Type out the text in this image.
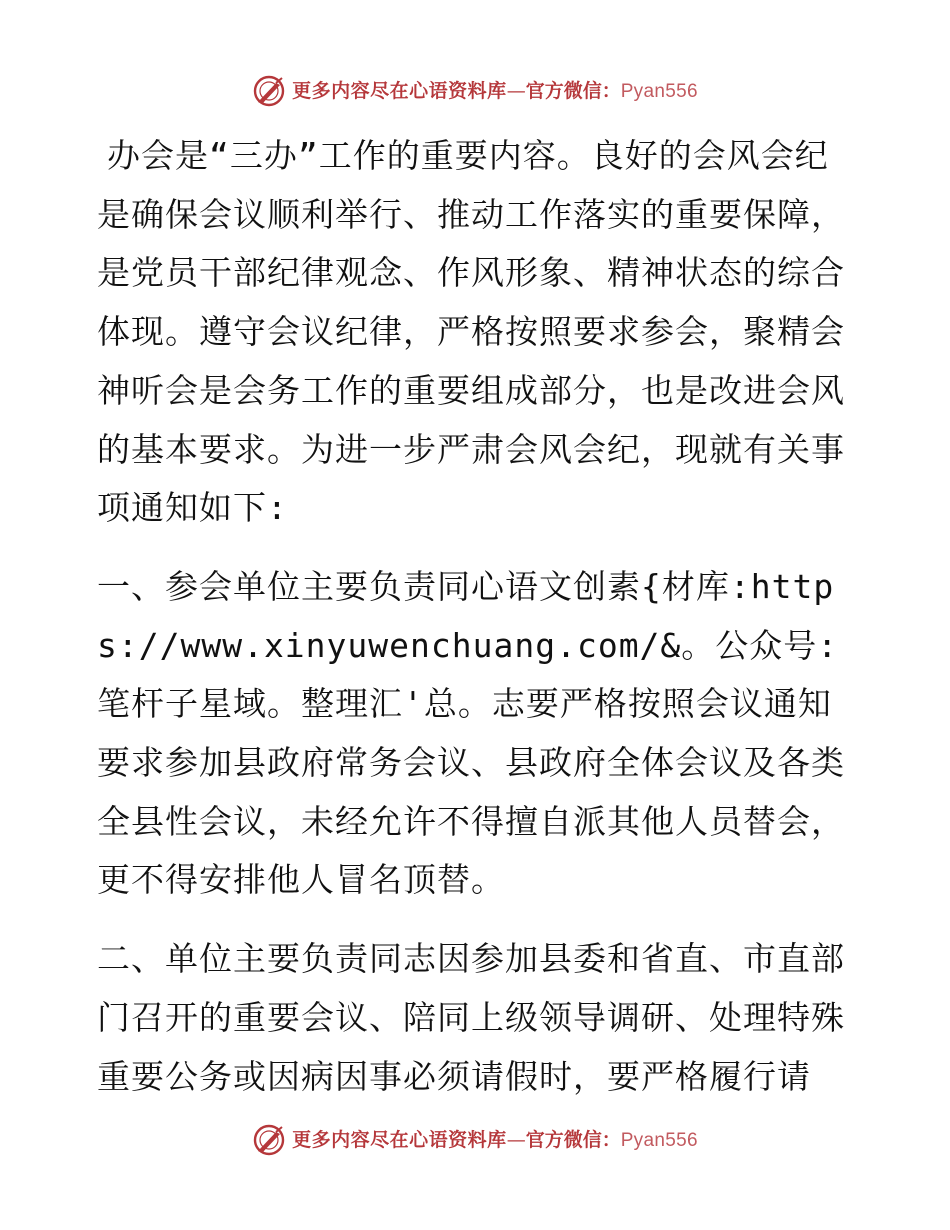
更多内容尽在心语资料库 — 官方微信： Pyan556

办会是“三办”工作的重要内容。良好的会风会纪是确保会议顺利举行、推动工作落实的重要保障，是党员干部纪律观念、作风形象、精神状态的综合体现。遵守会议纪律，严格按照要求参会，聚精会神听会是会务工作的重要组成部分，也是改进会风的基本要求。为进一步严肃会风会纪，现就有关事项通知如下:

一、参会单位主要负责同心语文创素{材库:https://www.xinyuwenchuang.com/&。公众号: 笔杆子星域。整理汇'总。志要严格按照会议通知要求参加县政府常务会议、县政府全体会议及各类全县性会议，未经允许不得擅自派其他人员替会，更不得安排他人冒名顶替。

二、单位主要负责同志因参加县委和省直、市直部门召开的重要会议、陪同上级领导调研、处理特殊重要公务或因病因事必须请假时，要严格履行请

更多内容尽在心语资料库 — 官方微信： Pyan556
